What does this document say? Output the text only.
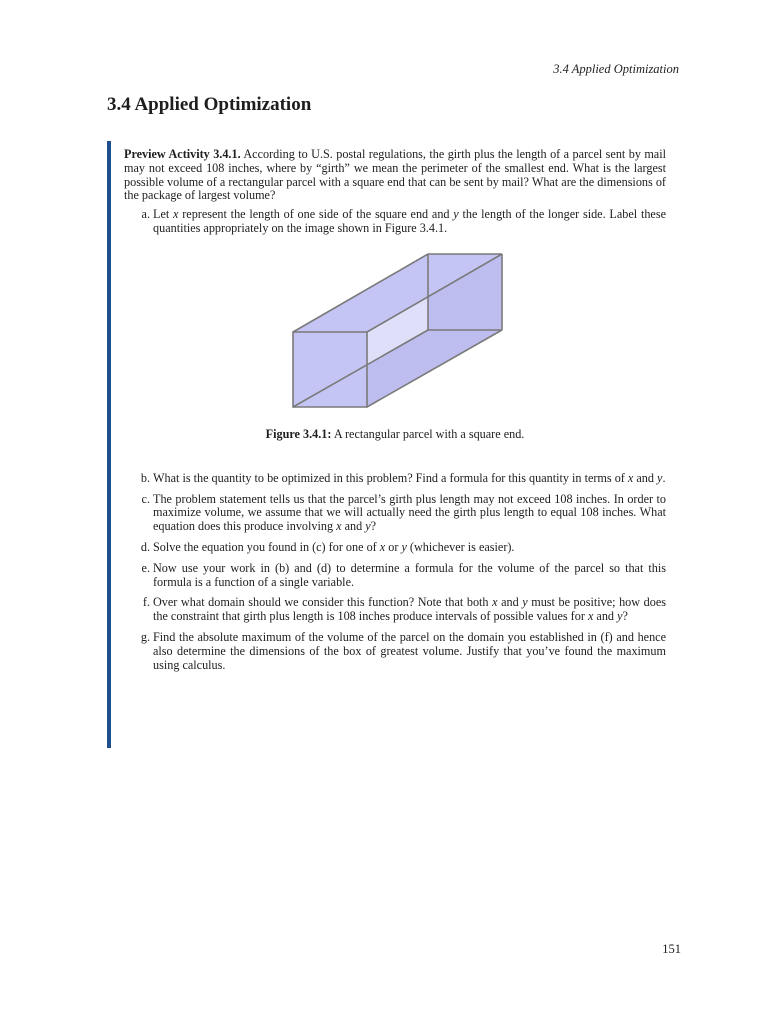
3.4 Applied Optimization
3.4 Applied Optimization

Preview Activity 3.4.1. According to U.S. postal regulations, the girth plus the length of a parcel sent by mail may not exceed 108 inches, where by “girth” we mean the perimeter of the smallest end. What is the largest possible volume of a rectangular parcel with a square end that can be sent by mail? What are the dimensions of the package of largest volume?

a. Let x represent the length of one side of the square end and y the length of the longer side. Label these quantities appropriately on the image shown in Figure 3.4.1.
Figure 3.4.1: A rectangular parcel with a square end.
b. What is the quantity to be optimized in this problem? Find a formula for this quantity in terms of x and y.
c. The problem statement tells us that the parcel’s girth plus length may not exceed 108 inches. In order to maximize volume, we assume that we will actually need the girth plus length to equal 108 inches. What equation does this produce involving x and y?
d. Solve the equation you found in (c) for one of x or y (whichever is easier).
e. Now use your work in (b) and (d) to determine a formula for the volume of the parcel so that this formula is a function of a single variable.
f. Over what domain should we consider this function? Note that both x and y must be positive; how does the constraint that girth plus length is 108 inches produce intervals of possible values for x and y?
g. Find the absolute maximum of the volume of the parcel on the domain you established in (f) and hence also determine the dimensions of the box of greatest volume. Justify that you’ve found the maximum using calculus.
151
